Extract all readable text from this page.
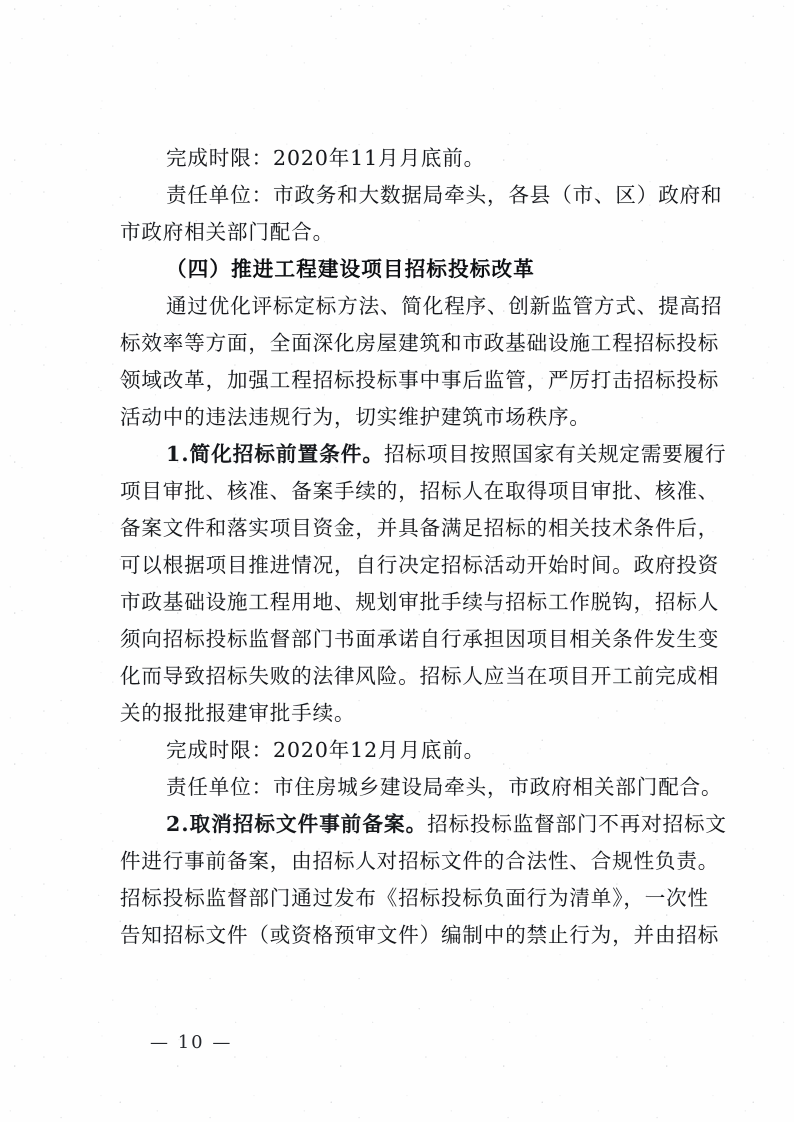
完成时限：2020年11月月底前。
责任单位：市政务和大数据局牵头，各县（市、区）政府和
市政府相关部门配合。
（四）推进工程建设项目招标投标改革
通过优化评标定标方法、简化程序、创新监管方式、提高招
标效率等方面，全面深化房屋建筑和市政基础设施工程招标投标
领域改革，加强工程招标投标事中事后监管，严厉打击招标投标
活动中的违法违规行为，切实维护建筑市场秩序。
1.简化招标前置条件。招标项目按照国家有关规定需要履行
项目审批、核准、备案手续的，招标人在取得项目审批、核准、
备案文件和落实项目资金，并具备满足招标的相关技术条件后，
可以根据项目推进情况，自行决定招标活动开始时间。政府投资
市政基础设施工程用地、规划审批手续与招标工作脱钩，招标人
须向招标投标监督部门书面承诺自行承担因项目相关条件发生变
化而导致招标失败的法律风险。招标人应当在项目开工前完成相
关的报批报建审批手续。
完成时限：2020年12月月底前。
责任单位：市住房城乡建设局牵头，市政府相关部门配合。
2.取消招标文件事前备案。招标投标监督部门不再对招标文
件进行事前备案，由招标人对招标文件的合法性、合规性负责。
招标投标监督部门通过发布《招标投标负面行为清单》，一次性
告知招标文件（或资格预审文件）编制中的禁止行为，并由招标
— 10 —
